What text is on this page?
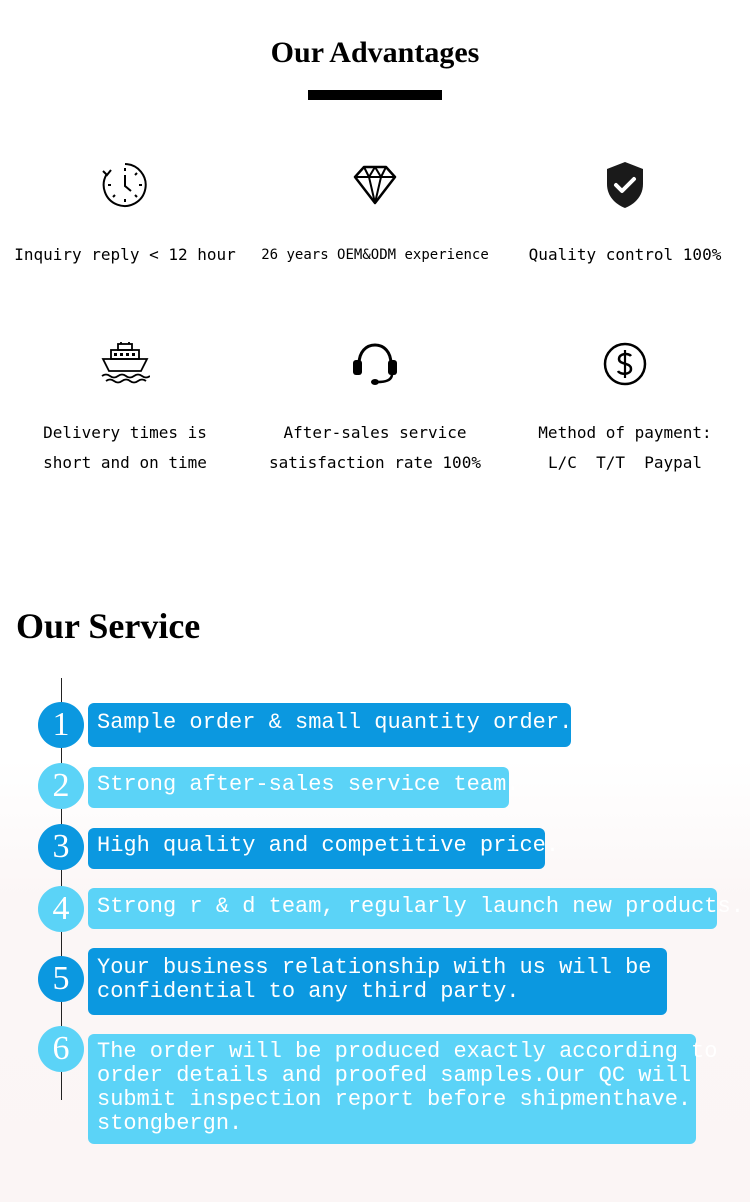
Our Advantages
Inquiry reply < 12 hour	26 years OEM&ODM experience	Quality control 100%
Delivery times is
short and on time
After-sales service
satisfaction rate 100%
Method of payment:
L/C  T/T  Paypal
Our Service
1	Sample order & small quantity order.
2	Strong after-sales service team.
3	High quality and competitive price.
4	Strong r & d team, regularly launch new products.
5	Your business relationship with us will be
confidential to any third party.
6	The order will be produced exactly according to
order details and proofed samples.Our QC will
submit inspection report before shipmenthave.
stongbergn.
